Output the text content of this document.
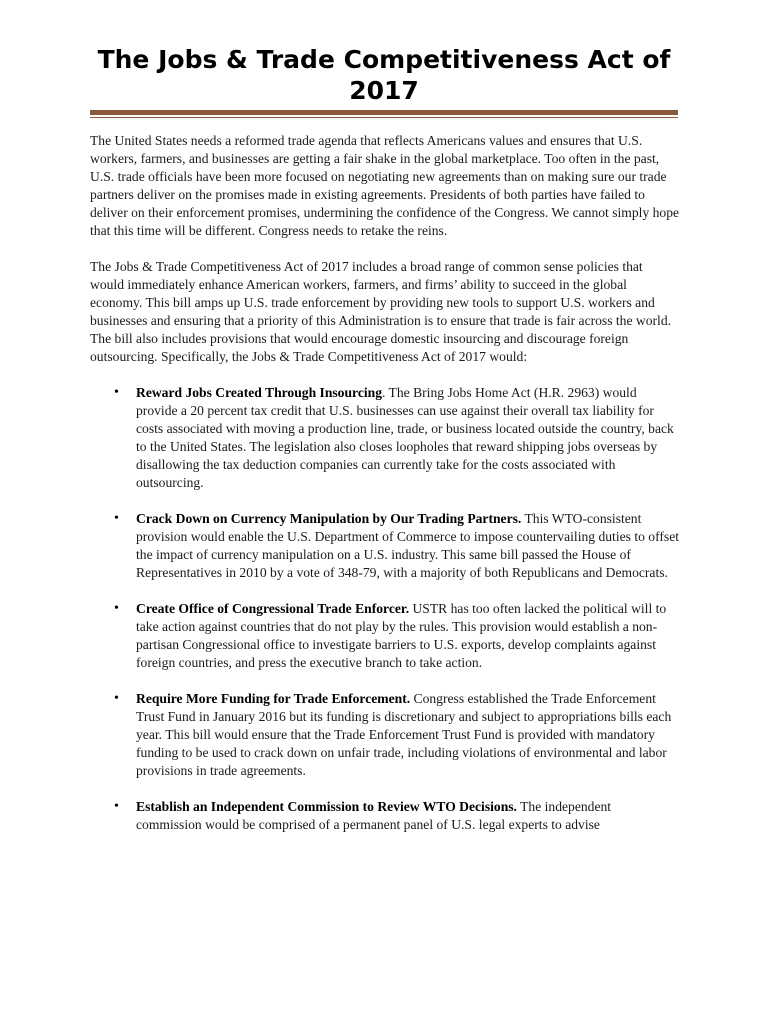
The Jobs & Trade Competitiveness Act of 2017

The United States needs a reformed trade agenda that reflects Americans values and ensures that U.S. workers, farmers, and businesses are getting a fair shake in the global marketplace. Too often in the past, U.S. trade officials have been more focused on negotiating new agreements than on making sure our trade partners deliver on the promises made in existing agreements. Presidents of both parties have failed to deliver on their enforcement promises, undermining the confidence of the Congress. We cannot simply hope that this time will be different. Congress needs to retake the reins.

The Jobs & Trade Competitiveness Act of 2017 includes a broad range of common sense policies that would immediately enhance American workers, farmers, and firms’ ability to succeed in the global economy. This bill amps up U.S. trade enforcement by providing new tools to support U.S. workers and businesses and ensuring that a priority of this Administration is to ensure that trade is fair across the world. The bill also includes provisions that would encourage domestic insourcing and discourage foreign outsourcing. Specifically, the Jobs & Trade Competitiveness Act of 2017 would:

• Reward Jobs Created Through Insourcing. The Bring Jobs Home Act (H.R. 2963) would provide a 20 percent tax credit that U.S. businesses can use against their overall tax liability for costs associated with moving a production line, trade, or business located outside the country, back to the United States. The legislation also closes loopholes that reward shipping jobs overseas by disallowing the tax deduction companies can currently take for the costs associated with outsourcing.
• Crack Down on Currency Manipulation by Our Trading Partners. This WTO-consistent provision would enable the U.S. Department of Commerce to impose countervailing duties to offset the impact of currency manipulation on a U.S. industry. This same bill passed the House of Representatives in 2010 by a vote of 348-79, with a majority of both Republicans and Democrats.
• Create Office of Congressional Trade Enforcer. USTR has too often lacked the political will to take action against countries that do not play by the rules. This provision would establish a non-partisan Congressional office to investigate barriers to U.S. exports, develop complaints against foreign countries, and press the executive branch to take action.
• Require More Funding for Trade Enforcement. Congress established the Trade Enforcement Trust Fund in January 2016 but its funding is discretionary and subject to appropriations bills each year. This bill would ensure that the Trade Enforcement Trust Fund is provided with mandatory funding to be used to crack down on unfair trade, including violations of environmental and labor provisions in trade agreements.
• Establish an Independent Commission to Review WTO Decisions. The independent commission would be comprised of a permanent panel of U.S. legal experts to advise
